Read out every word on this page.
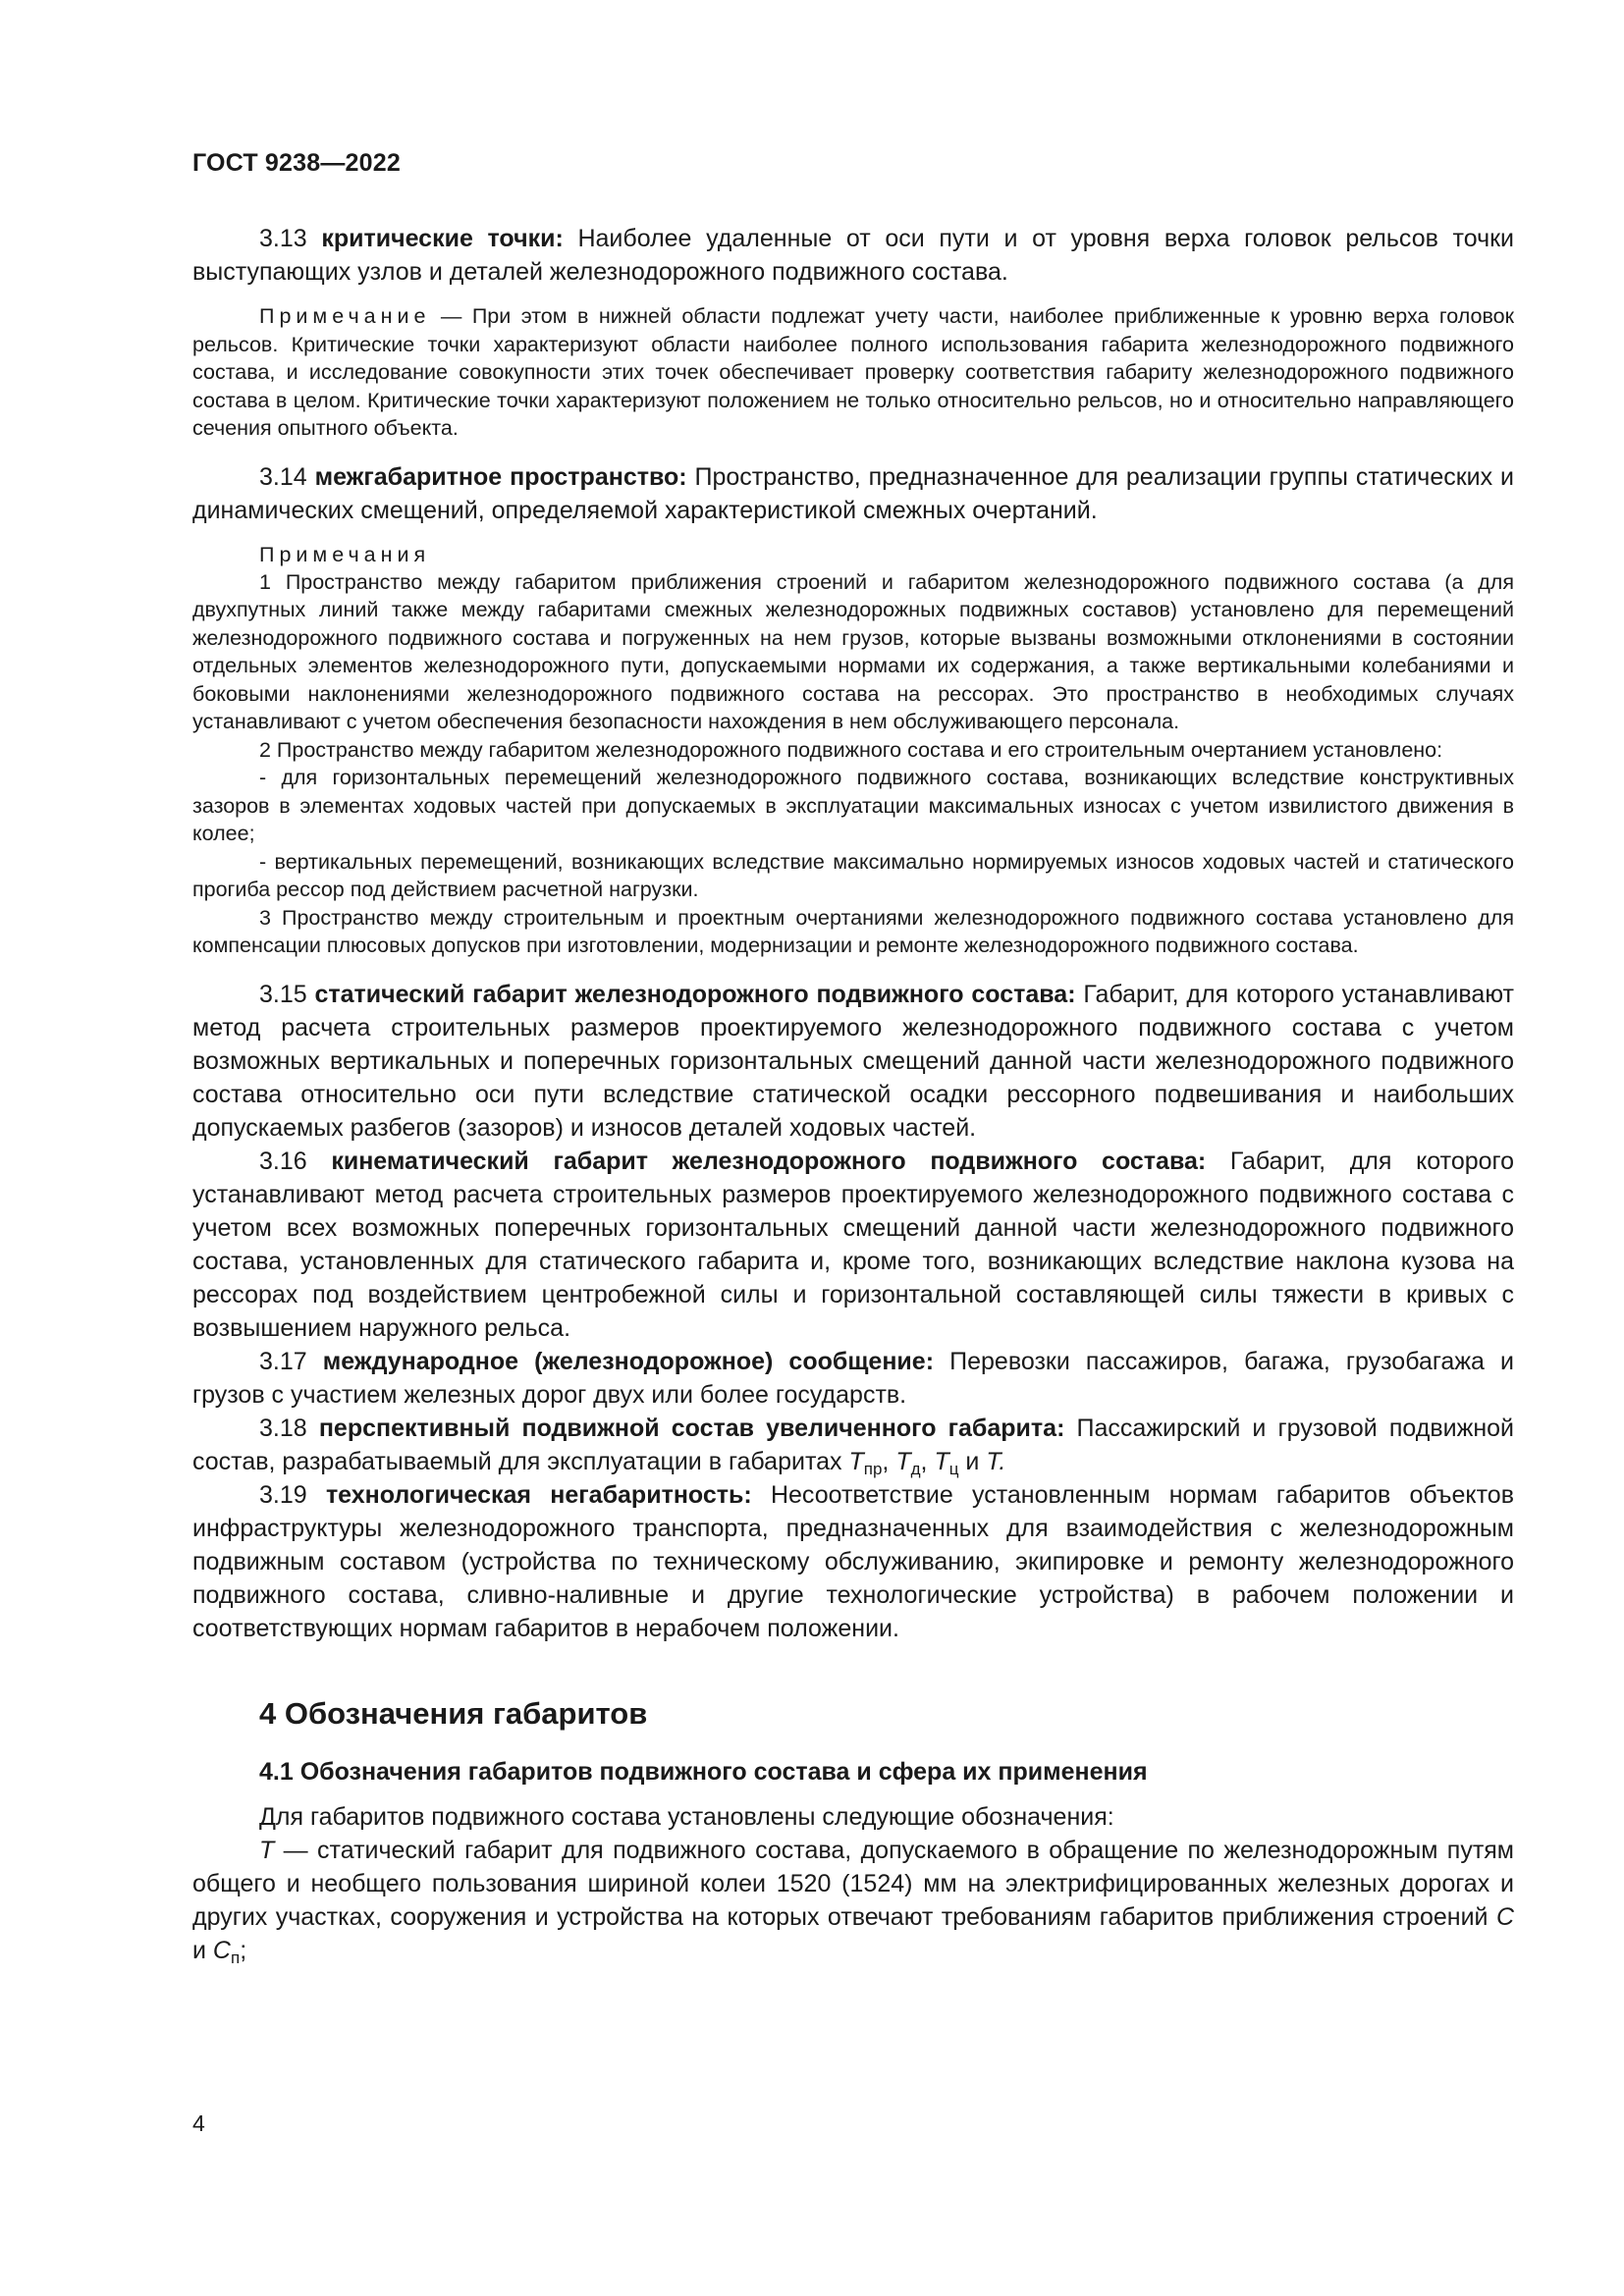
ГОСТ 9238—2022

3.13 критические точки: Наиболее удаленные от оси пути и от уровня верха головок рельсов точки выступающих узлов и деталей железнодорожного подвижного состава.

Примечание — При этом в нижней области подлежат учету части, наиболее приближенные к уровню верха головок рельсов. Критические точки характеризуют области наиболее полного использования габарита железнодорожного подвижного состава, и исследование совокупности этих точек обеспечивает проверку соответствия габариту железнодорожного подвижного состава в целом. Критические точки характеризуют положением не только относительно рельсов, но и относительно направляющего сечения опытного объекта.

3.14 межгабаритное пространство: Пространство, предназначенное для реализации группы статических и динамических смещений, определяемой характеристикой смежных очертаний.

Примечания

1 Пространство между габаритом приближения строений и габаритом железнодорожного подвижного состава (а для двухпутных линий также между габаритами смежных железнодорожных подвижных составов) установлено для перемещений железнодорожного подвижного состава и погруженных на нем грузов, которые вызваны возможными отклонениями в состоянии отдельных элементов железнодорожного пути, допускаемыми нормами их содержания, а также вертикальными колебаниями и боковыми наклонениями железнодорожного подвижного состава на рессорах. Это пространство в необходимых случаях устанавливают с учетом обеспечения безопасности нахождения в нем обслуживающего персонала.

2 Пространство между габаритом железнодорожного подвижного состава и его строительным очертанием установлено:

- для горизонтальных перемещений железнодорожного подвижного состава, возникающих вследствие конструктивных зазоров в элементах ходовых частей при допускаемых в эксплуатации максимальных износах с учетом извилистого движения в колее;

- вертикальных перемещений, возникающих вследствие максимально нормируемых износов ходовых частей и статического прогиба рессор под действием расчетной нагрузки.

3 Пространство между строительным и проектным очертаниями железнодорожного подвижного состава установлено для компенсации плюсовых допусков при изготовлении, модернизации и ремонте железнодорожного подвижного состава.

3.15 статический габарит железнодорожного подвижного состава: Габарит, для которого устанавливают метод расчета строительных размеров проектируемого железнодорожного подвижного состава с учетом возможных вертикальных и поперечных горизонтальных смещений данной части железнодорожного подвижного состава относительно оси пути вследствие статической осадки рессорного подвешивания и наибольших допускаемых разбегов (зазоров) и износов деталей ходовых частей.

3.16 кинематический габарит железнодорожного подвижного состава: Габарит, для которого устанавливают метод расчета строительных размеров проектируемого железнодорожного подвижного состава с учетом всех возможных поперечных горизонтальных смещений данной части железнодорожного подвижного состава, установленных для статического габарита и, кроме того, возникающих вследствие наклона кузова на рессорах под воздействием центробежной силы и горизонтальной составляющей силы тяжести в кривых с возвышением наружного рельса.

3.17 международное (железнодорожное) сообщение: Перевозки пассажиров, багажа, грузобагажа и грузов с участием железных дорог двух или более государств.

3.18 перспективный подвижной состав увеличенного габарита: Пассажирский и грузовой подвижной состав, разрабатываемый для эксплуатации в габаритах $Т_{пр}$, $Т_д$, $Т_ц$ и Т.

3.19 технологическая негабаритность: Несоответствие установленным нормам габаритов объектов инфраструктуры железнодорожного транспорта, предназначенных для взаимодействия с железнодорожным подвижным составом (устройства по техническому обслуживанию, экипировке и ремонту железнодорожного подвижного состава, сливно-наливные и другие технологические устройства) в рабочем положении и соответствующих нормам габаритов в нерабочем положении.

4 Обозначения габаритов
4.1 Обозначения габаритов подвижного состава и сфера их применения

Для габаритов подвижного состава установлены следующие обозначения:

Т — статический габарит для подвижного состава, допускаемого в обращение по железнодорожным путям общего и необщего пользования шириной колеи 1520 (1524) мм на электрифицированных железных дорогах и других участках, сооружения и устройства на которых отвечают требованиям габаритов приближения строений С и $С_п$;

4
